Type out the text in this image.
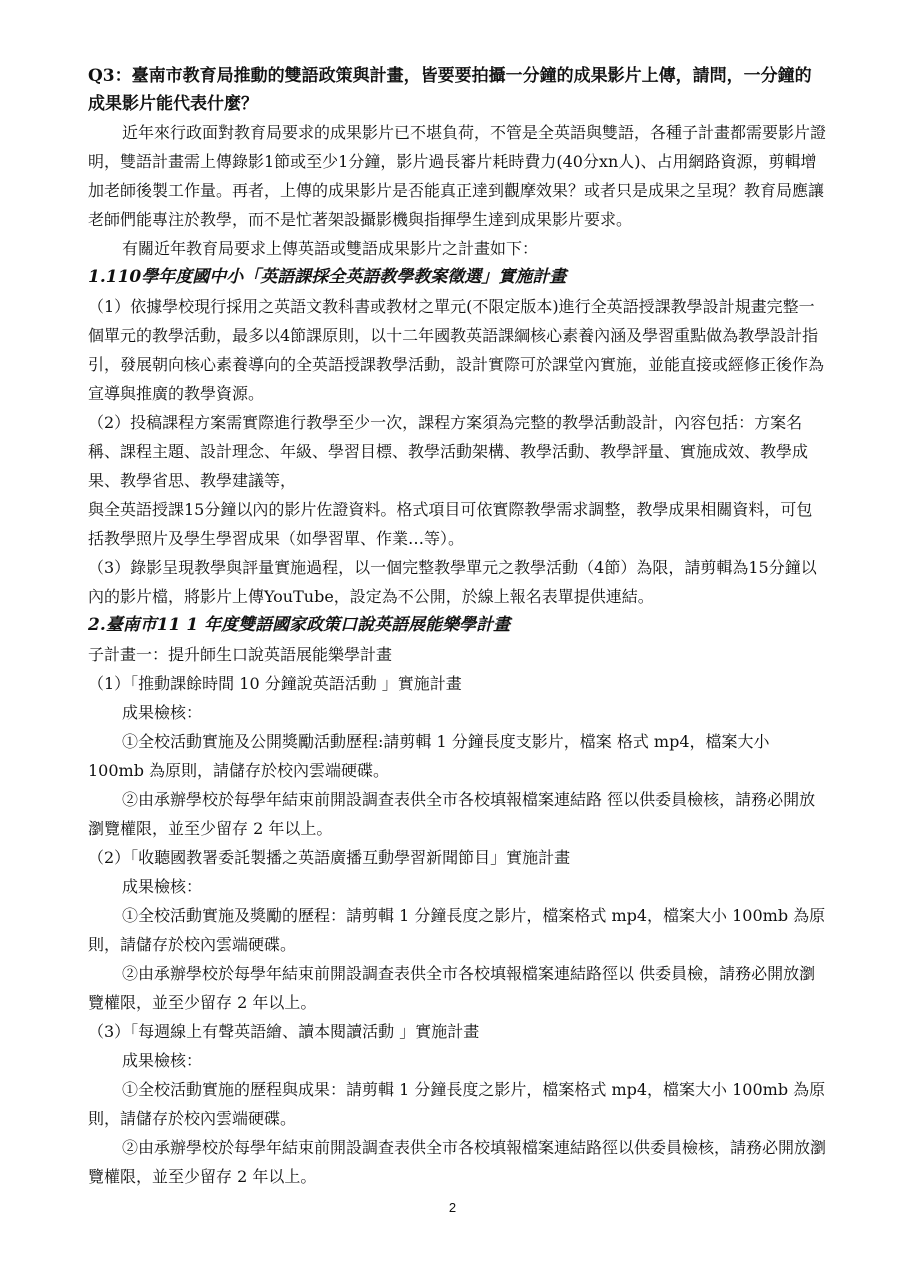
Q3：臺南市教育局推動的雙語政策與計畫，皆要要拍攝一分鐘的成果影片上傳，請問，一分鐘的成果影片能代表什麼？

近年來行政面對教育局要求的成果影片已不堪負荷，不管是全英語與雙語，各種子計畫都需要影片證明，雙語計畫需上傳錄影1節或至少1分鐘，影片過長審片耗時費力(40分xn人)、占用網路資源，剪輯增加老師後製工作量。再者，上傳的成果影片是否能真正達到觀摩效果？或者只是成果之呈現？教育局應讓老師們能專注於教學，而不是忙著架設攝影機與指揮學生達到成果影片要求。

有關近年教育局要求上傳英語或雙語成果影片之計畫如下：

1.110學年度國中小「英語課採全英語教學教案徵選」實施計畫

（1）依據學校現行採用之英語文教科書或教材之單元(不限定版本)進行全英語授課教學設計規畫完整一個單元的教學活動，最多以4節課原則，以十二年國教英語課綱核心素養內涵及學習重點做為教學設計指引，發展朝向核心素養導向的全英語授課教學活動，設計實際可於課堂內實施，並能直接或經修正後作為宣導與推廣的教學資源。

（2）投稿課程方案需實際進行教學至少一次，課程方案須為完整的教學活動設計，內容包括：方案名稱、課程主題、設計理念、年級、學習目標、教學活動架構、教學活動、教學評量、實施成效、教學成果、教學省思、教學建議等，

與全英語授課15分鐘以內的影片佐證資料。格式項目可依實際教學需求調整，教學成果相關資料，可包括教學照片及學生學習成果（如學習單、作業…等）。

（3）錄影呈現教學與評量實施過程，以一個完整教學單元之教學活動（4節）為限，請剪輯為15分鐘以內的影片檔，將影片上傳YouTube，設定為不公開，於線上報名表單提供連結。

2.臺南市11 1 年度雙語國家政策口說英語展能樂學計畫

子計畫一：提升師生口說英語展能樂學計畫

（1）「推動課餘時間 10 分鐘說英語活動 」實施計畫

成果檢核：

①全校活動實施及公開獎勵活動歷程:請剪輯 1 分鐘長度支影片，檔案 格式 mp4，檔案大小 100mb 為原則，請儲存於校內雲端硬碟。

②由承辦學校於每學年結束前開設調查表供全市各校填報檔案連結路 徑以供委員檢核，請務必開放瀏覽權限，並至少留存 2 年以上。

（2）「收聽國教署委託製播之英語廣播互動學習新聞節目」實施計畫

成果檢核：

①全校活動實施及獎勵的歷程：請剪輯 1 分鐘長度之影片，檔案格式 mp4，檔案大小 100mb 為原則，請儲存於校內雲端硬碟。

②由承辦學校於每學年結束前開設調查表供全市各校填報檔案連結路徑以 供委員檢，請務必開放瀏覽權限，並至少留存 2 年以上。

（3）「每週線上有聲英語繪、讀本閱讀活動 」實施計畫

成果檢核：

①全校活動實施的歷程與成果：請剪輯 1 分鐘長度之影片，檔案格式 mp4，檔案大小 100mb 為原則，請儲存於校內雲端硬碟。

②由承辦學校於每學年結束前開設調查表供全市各校填報檔案連結路徑以供委員檢核，請務必開放瀏覽權限，並至少留存 2 年以上。

2
